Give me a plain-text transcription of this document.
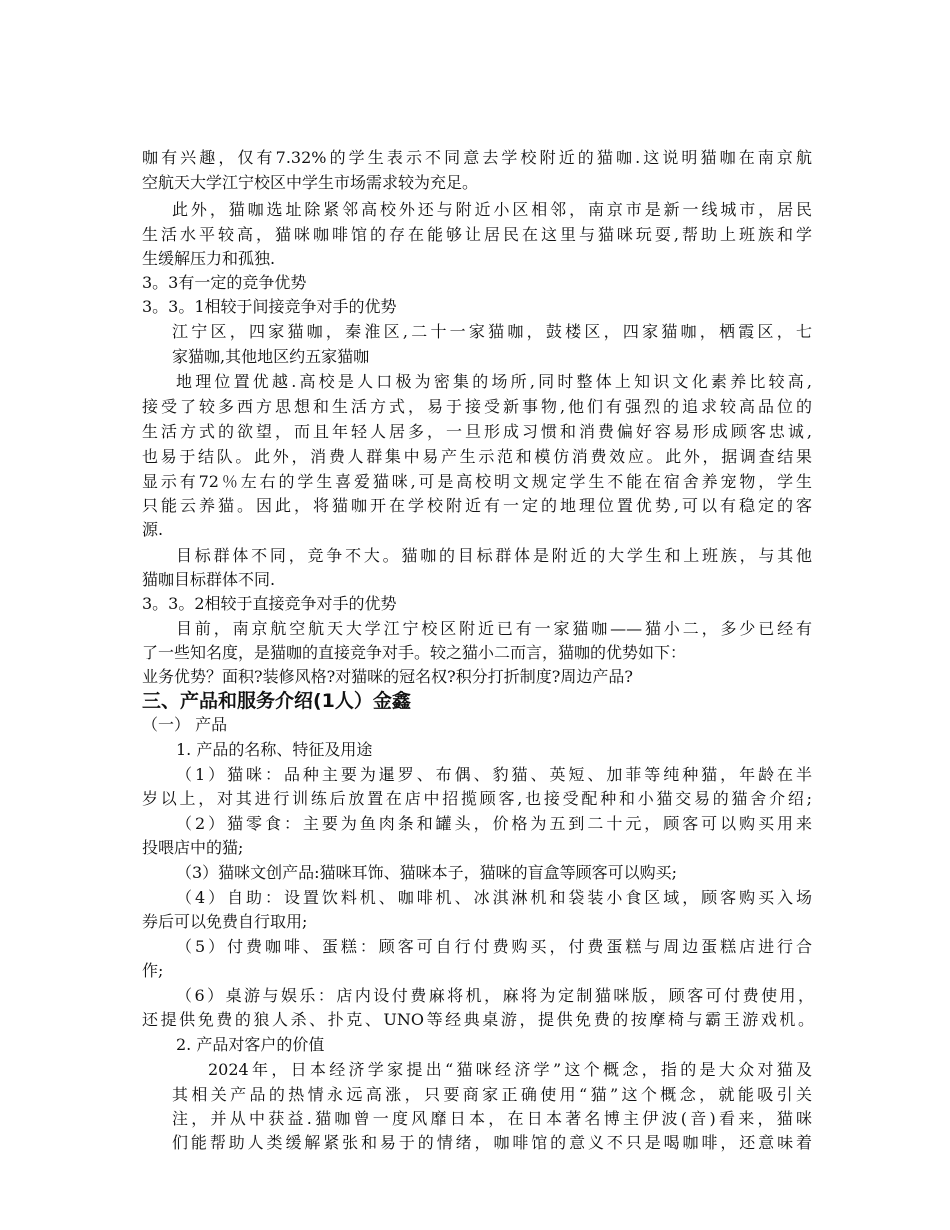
咖有兴趣，仅有7.32%的学生表示不同意去学校附近的猫咖.这说明猫咖在南京航
空航天大学江宁校区中学生市场需求较为充足。
此外，猫咖选址除紧邻高校外还与附近小区相邻，南京市是新一线城市，居民
生活水平较高，猫咪咖啡馆的存在能够让居民在这里与猫咪玩耍,帮助上班族和学
生缓解压力和孤独.
3。3有一定的竞争优势
3。3。1相较于间接竞争对手的优势
江宁区，四家猫咖，秦淮区,二十一家猫咖，鼓楼区，四家猫咖，栖霞区，七
家猫咖,其他地区约五家猫咖
地理位置优越.高校是人口极为密集的场所,同时整体上知识文化素养比较高,
接受了较多西方思想和生活方式，易于接受新事物,他们有强烈的追求较高品位的
生活方式的欲望，而且年轻人居多，一旦形成习惯和消费偏好容易形成顾客忠诚,
也易于结队。此外，消费人群集中易产生示范和模仿消费效应。此外，据调查结果
显示有72％左右的学生喜爱猫咪,可是高校明文规定学生不能在宿舍养宠物，学生
只能云养猫。因此，将猫咖开在学校附近有一定的地理位置优势,可以有稳定的客
源.
目标群体不同，竞争不大。猫咖的目标群体是附近的大学生和上班族，与其他
猫咖目标群体不同.
3。3。2相较于直接竞争对手的优势
目前，南京航空航天大学江宁校区附近已有一家猫咖——猫小二，多少已经有
了一些知名度，是猫咖的直接竞争对手。较之猫小二而言，猫咖的优势如下：
业务优势？面积?装修风格?对猫咪的冠名权?积分打折制度?周边产品?
三、产品和服务介绍(1人）金鑫
（一） 产品
1. 产品的名称、特征及用途
（1）猫咪：品种主要为暹罗、布偶、豹猫、英短、加菲等纯种猫，年龄在半
岁以上，对其进行训练后放置在店中招揽顾客,也接受配种和小猫交易的猫舍介绍;
（2）猫零食：主要为鱼肉条和罐头，价格为五到二十元，顾客可以购买用来
投喂店中的猫;
（3）猫咪文创产品:猫咪耳饰、猫咪本子，猫咪的盲盒等顾客可以购买;
（4）自助：设置饮料机、咖啡机、冰淇淋机和袋装小食区域，顾客购买入场
券后可以免费自行取用;
（5）付费咖啡、蛋糕：顾客可自行付费购买，付费蛋糕与周边蛋糕店进行合
作;
（6）桌游与娱乐：店内设付费麻将机，麻将为定制猫咪版，顾客可付费使用，
还提供免费的狼人杀、扑克、UNO等经典桌游，提供免费的按摩椅与霸王游戏机。
2. 产品对客户的价值
2024年，日本经济学家提出“猫咪经济学”这个概念，指的是大众对猫及
其相关产品的热情永远高涨，只要商家正确使用“猫”这个概念，就能吸引关
注，并从中获益.猫咖曾一度风靡日本，在日本著名博主伊波(音)看来，猫咪
们能帮助人类缓解紧张和易于的情绪，咖啡馆的意义不只是喝咖啡，还意味着
